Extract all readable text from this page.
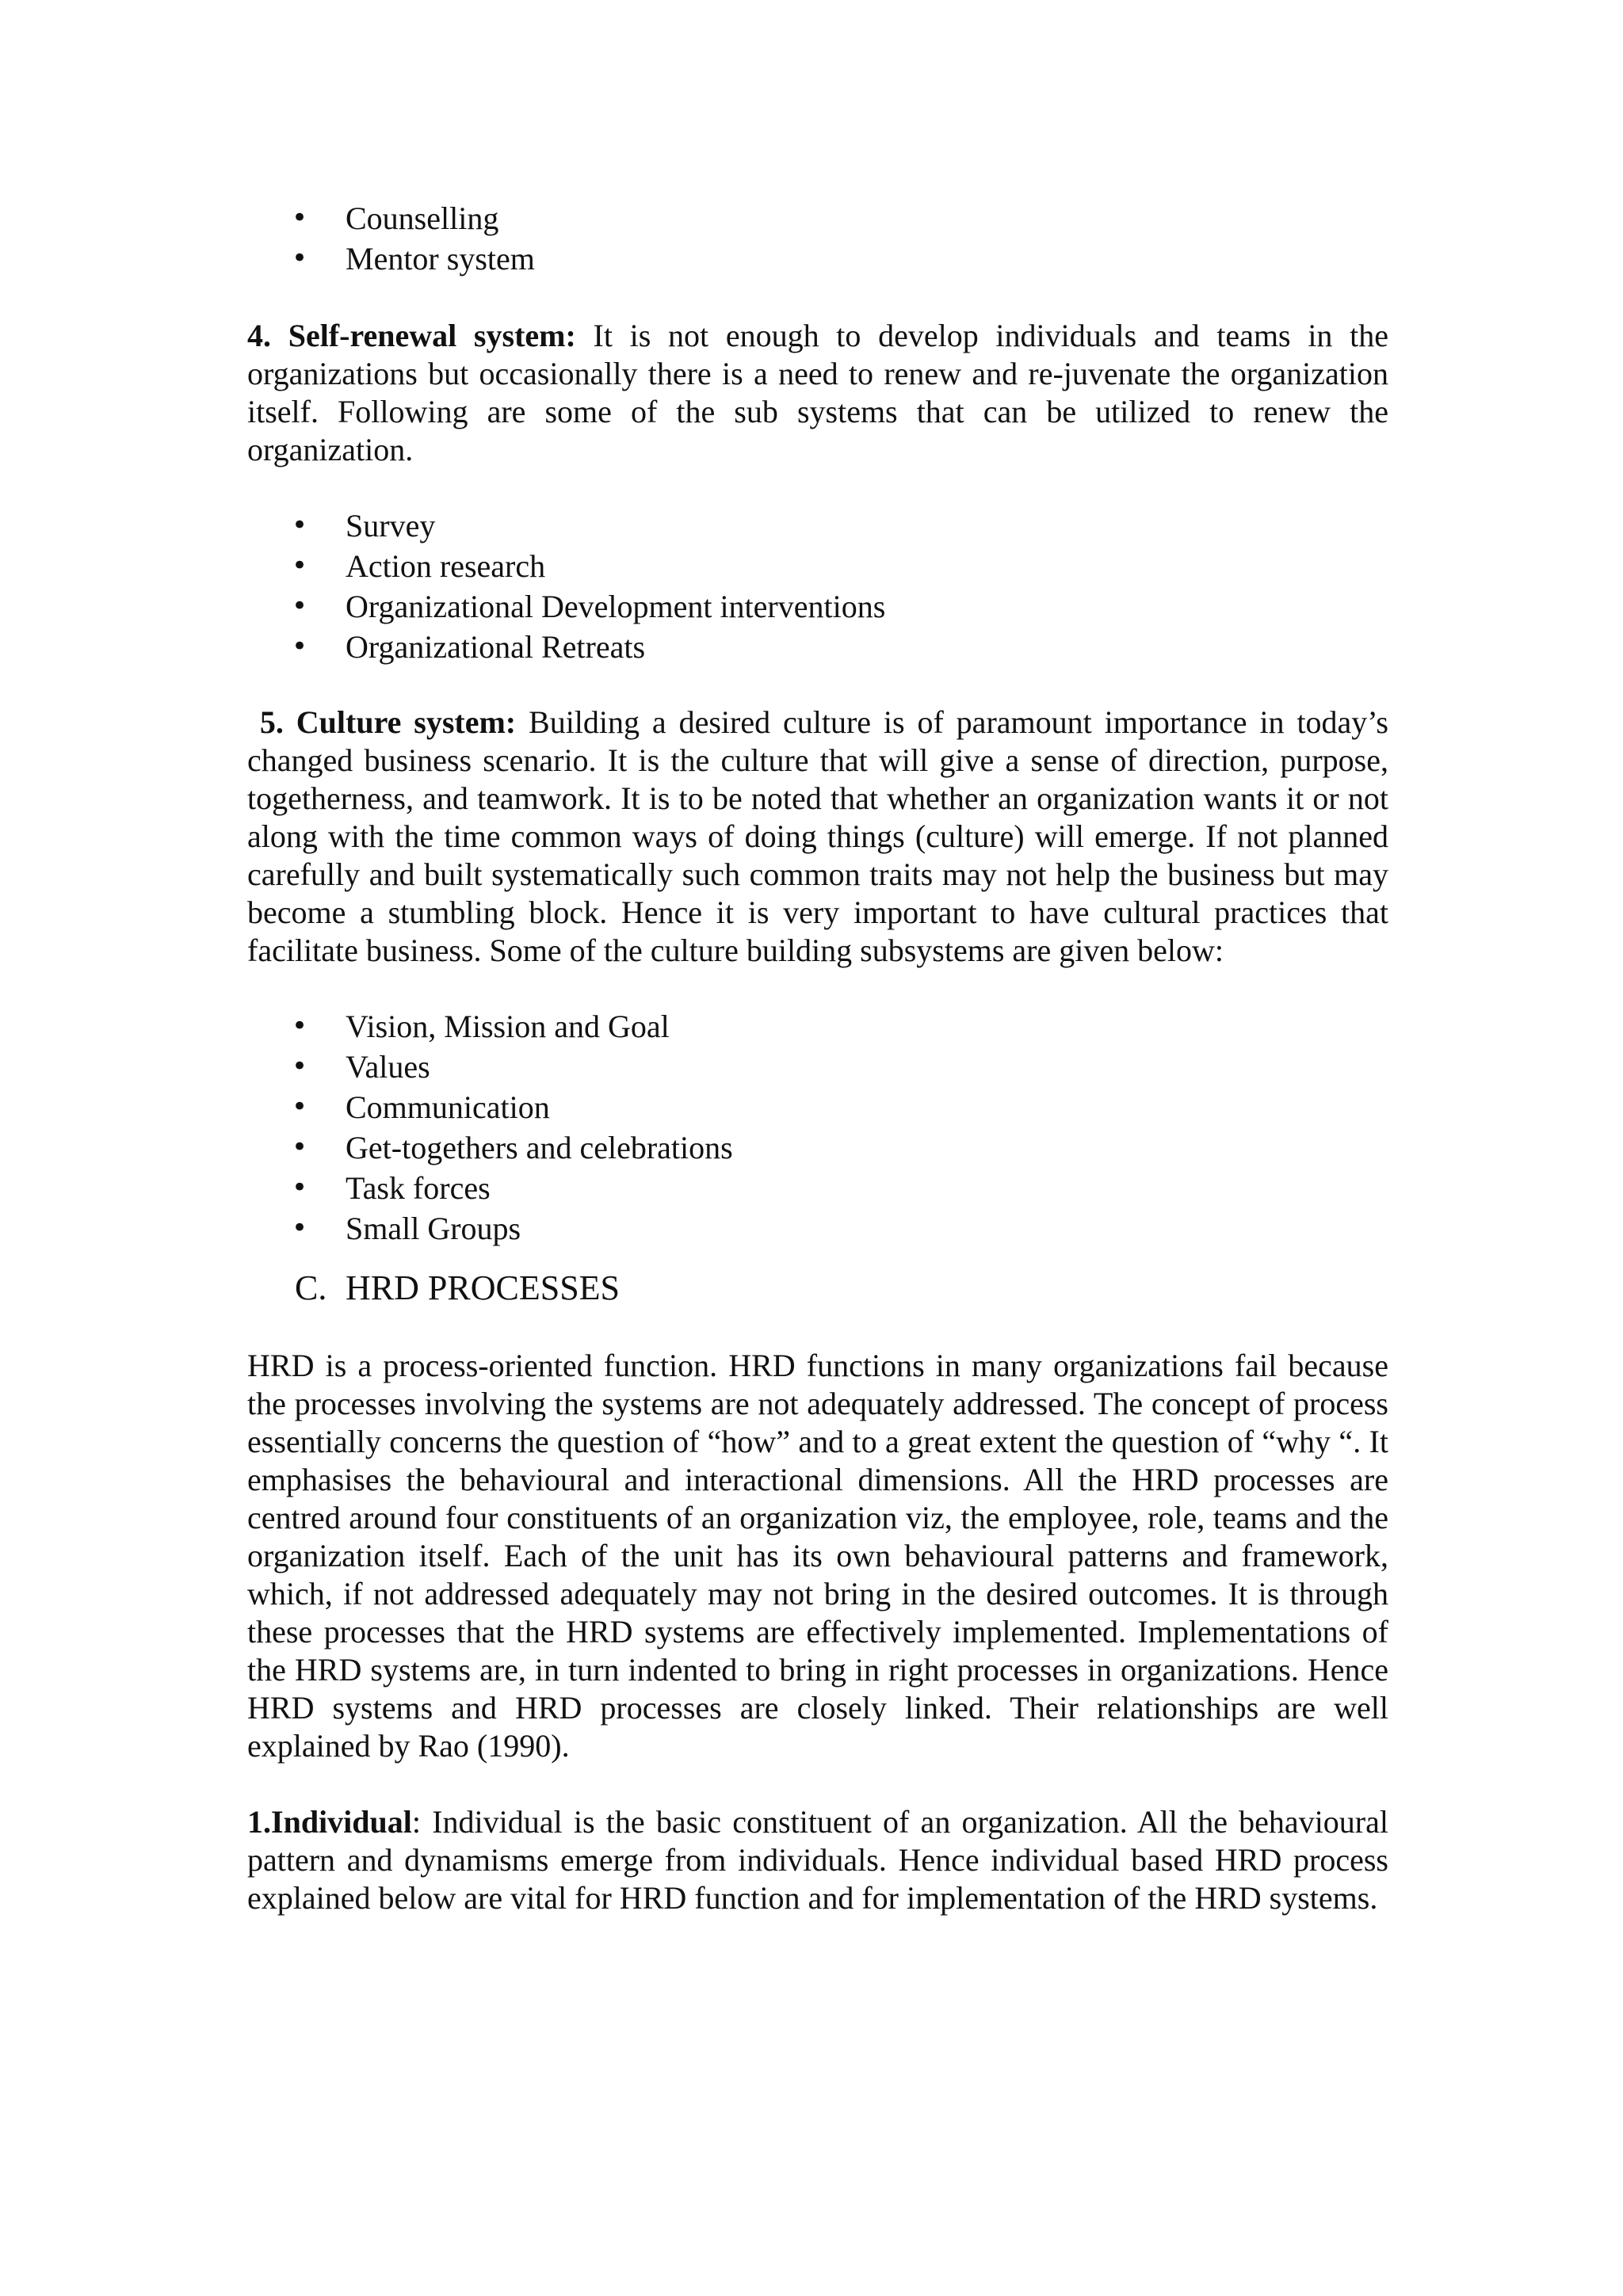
• Counselling
• Mentor system

4. Self-renewal system: It is not enough to develop individuals and teams in the organizations but occasionally there is a need to renew and re-juvenate the organization itself. Following are some of the sub systems that can be utilized to renew the organization.

• Survey
• Action research
• Organizational Development interventions
• Organizational Retreats

5. Culture system: Building a desired culture is of paramount importance in today’s changed business scenario. It is the culture that will give a sense of direction, purpose, togetherness, and teamwork. It is to be noted that whether an organization wants it or not along with the time common ways of doing things (culture) will emerge. If not planned carefully and built systematically such common traits may not help the business but may become a stumbling block. Hence it is very important to have cultural practices that facilitate business. Some of the culture building subsystems are given below:

• Vision, Mission and Goal
• Values
• Communication
• Get-togethers and celebrations
• Task forces
• Small Groups
C. HRD PROCESSES

HRD is a process-oriented function. HRD functions in many organizations fail because the processes involving the systems are not adequately addressed. The concept of process essentially concerns the question of “how” and to a great extent the question of “why “. It emphasises the behavioural and interactional dimensions. All the HRD processes are centred around four constituents of an organization viz, the employee, role, teams and the organization itself. Each of the unit has its own behavioural patterns and framework, which, if not addressed adequately may not bring in the desired outcomes. It is through these processes that the HRD systems are effectively implemented. Implementations of the HRD systems are, in turn indented to bring in right processes in organizations. Hence HRD systems and HRD processes are closely linked. Their relationships are well explained by Rao (1990).

1.Individual: Individual is the basic constituent of an organization. All the behavioural pattern and dynamisms emerge from individuals. Hence individual based HRD process explained below are vital for HRD function and for implementation of the HRD systems.
